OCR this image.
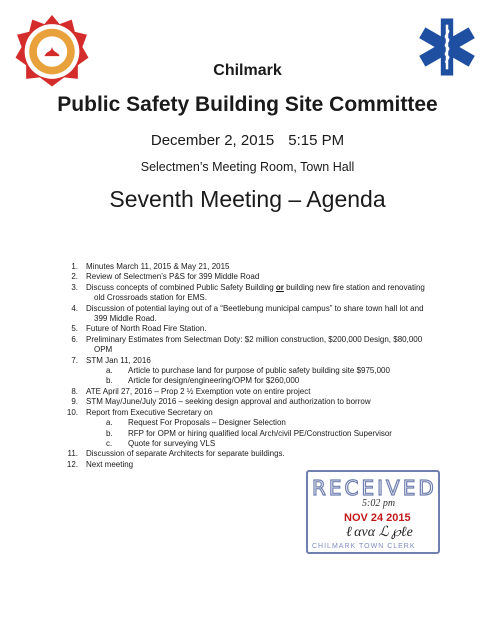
Chilmark
Public Safety Building Site Committee
December 2, 2015 5:15 PM
Selectmen’s Meeting Room, Town Hall
Seventh Meeting – Agenda
1.	Minutes March 11, 2015 & May 21, 2015
2.	Review of Selectmen’s P&S for 399 Middle Road
3.	Discuss concepts of combined Public Safety Building or building new fire station and renovating
old Crossroads station for EMS.
4.	Discussion of potential laying out of a “Beetlebung municipal campus” to share town hall lot and
399 Middle Road.
5.	Future of North Road Fire Station.
6.	Preliminary Estimates from Selectman Doty: $2 million construction, $200,000 Design, $80,000
OPM
7.	STM Jan 11, 2016
a.	Article to purchase land for purpose of public safety building site $975,000
b.	Article for design/engineering/OPM for $260,000
8.	ATE April 27, 2016 – Prop 2 ½ Exemption vote on entire project
9.	STM May/June/July 2016 – seeking design approval and authorization to borrow
10.	Report from Executive Secretary on
a.	Request For Proposals – Designer Selection
b.	RFP for OPM or hiring qualified local Arch/civil PE/Construction Supervisor
c.	Quote for surveying VLS
11.	Discussion of separate Architects for separate buildings.
12.	Next meeting
RECEIVED
5:02 pm
NOV 24 2015
ℓ ανα ℒ ℘ℓe
CHILMARK TOWN CLERK
